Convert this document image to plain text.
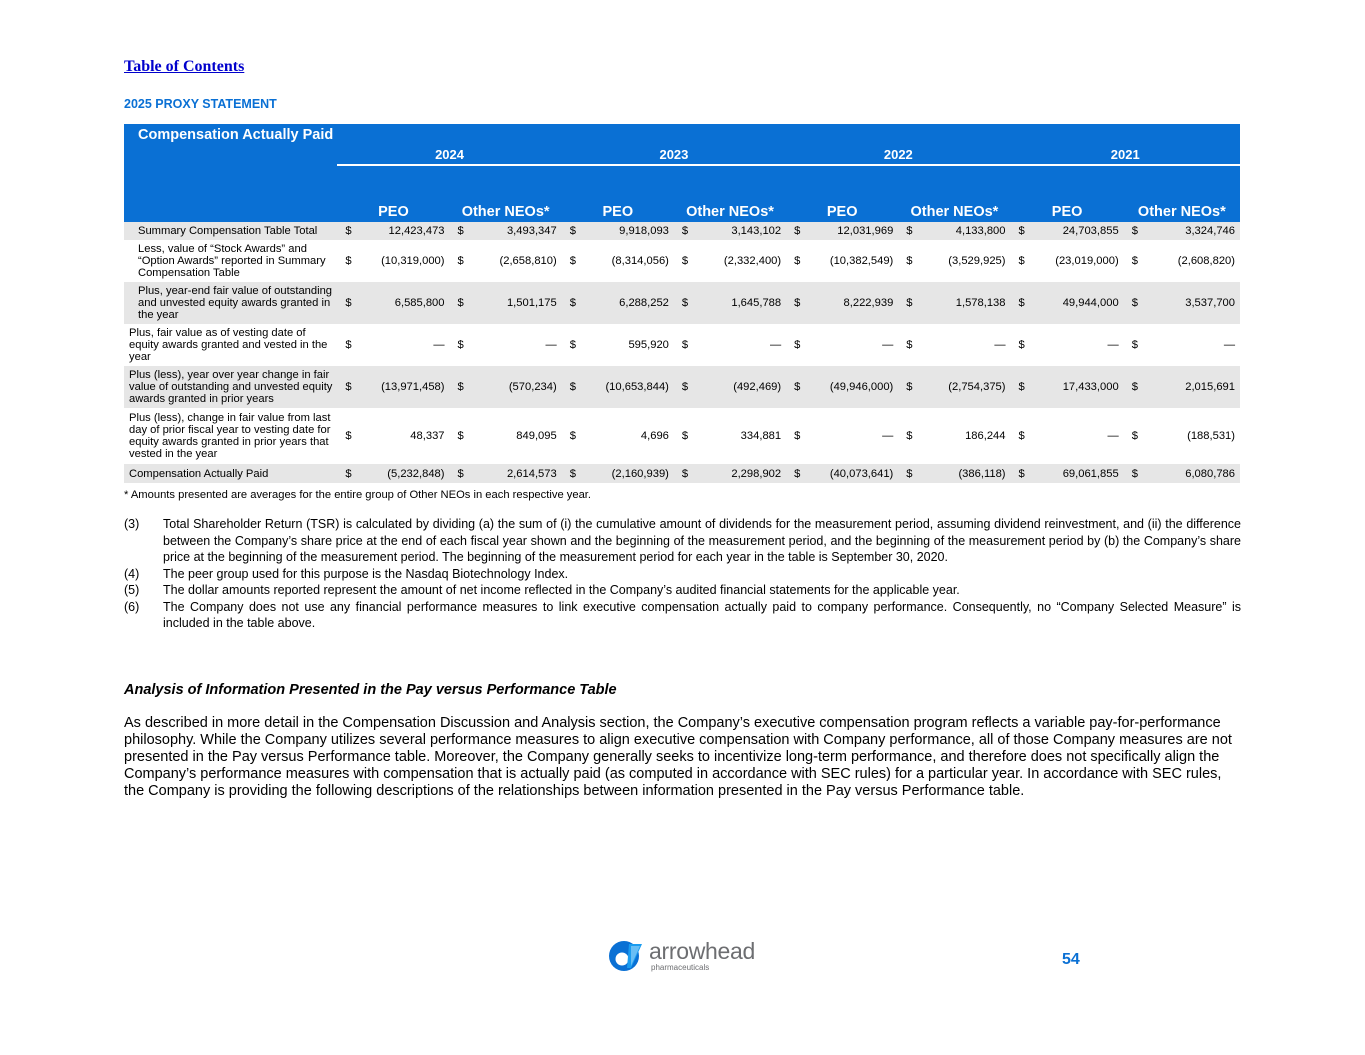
Table of Contents
2025 PROXY STATEMENT
Compensation Actually Paid	2024				2023				2022				2021			
	PEO		Other NEOs*		PEO		Other NEOs*		PEO		Other NEOs*		PEO		Other NEOs*	
Summary Compensation Table Total	$	12,423,473	$	3,493,347	$	9,918,093	$	3,143,102	$	12,031,969	$	4,133,800	$	24,703,855	$	3,324,746
Less, value of “Stock Awards” and “Option Awards” reported in Summary Compensation Table	$	(10,319,000)	$	(2,658,810)	$	(8,314,056)	$	(2,332,400)	$	(10,382,549)	$	(3,529,925)	$	(23,019,000)	$	(2,608,820)
Plus, year-end fair value of outstanding and unvested equity awards granted in the year	$	6,585,800	$	1,501,175	$	6,288,252	$	1,645,788	$	8,222,939	$	1,578,138	$	49,944,000	$	3,537,700
Plus, fair value as of vesting date of equity awards granted and vested in the year	$	—	$	—	$	595,920	$	—	$	—	$	—	$	—	$	—
Plus (less), year over year change in fair value of outstanding and unvested equity awards granted in prior years	$	(13,971,458)	$	(570,234)	$	(10,653,844)	$	(492,469)	$	(49,946,000)	$	(2,754,375)	$	17,433,000	$	2,015,691
Plus (less), change in fair value from last day of prior fiscal year to vesting date for equity awards granted in prior years that vested in the year	$	48,337	$	849,095	$	4,696	$	334,881	$	—	$	186,244	$	—	$	(188,531)
Compensation Actually Paid	$	(5,232,848)	$	2,614,573	$	(2,160,939)	$	2,298,902	$	(40,073,641)	$	(386,118)	$	69,061,855	$	6,080,786
* Amounts presented are averages for the entire group of Other NEOs in each respective year.
(3)	Total Shareholder Return (TSR) is calculated by dividing (a) the sum of (i) the cumulative amount of dividends for the measurement period, assuming dividend reinvestment, and (ii) the difference between the Company’s share price at the end of each fiscal year shown and the beginning of the measurement period, and the beginning of the measurement period by (b) the Company’s share price at the beginning of the measurement period. The beginning of the measurement period for each year in the table is September 30, 2020.
(4)	The peer group used for this purpose is the Nasdaq Biotechnology Index.
(5)	The dollar amounts reported represent the amount of net income reflected in the Company’s audited financial statements for the applicable year.
(6)	The Company does not use any financial performance measures to link executive compensation actually paid to company performance. Consequently, no “Company Selected Measure” is included in the table above.
Analysis of Information Presented in the Pay versus Performance Table
As described in more detail in the Compensation Discussion and Analysis section, the Company’s executive compensation program reflects a variable pay-for-performance philosophy. While the Company utilizes several performance measures to align executive compensation with Company performance, all of those Company measures are not presented in the Pay versus Performance table. Moreover, the Company generally seeks to incentivize long-term performance, and therefore does not specifically align the Company’s performance measures with compensation that is actually paid (as computed in accordance with SEC rules) for a particular year. In accordance with SEC rules, the Company is providing the following descriptions of the relationships between information presented in the Pay versus Performance table.
arrowhead
pharmaceuticals	54
